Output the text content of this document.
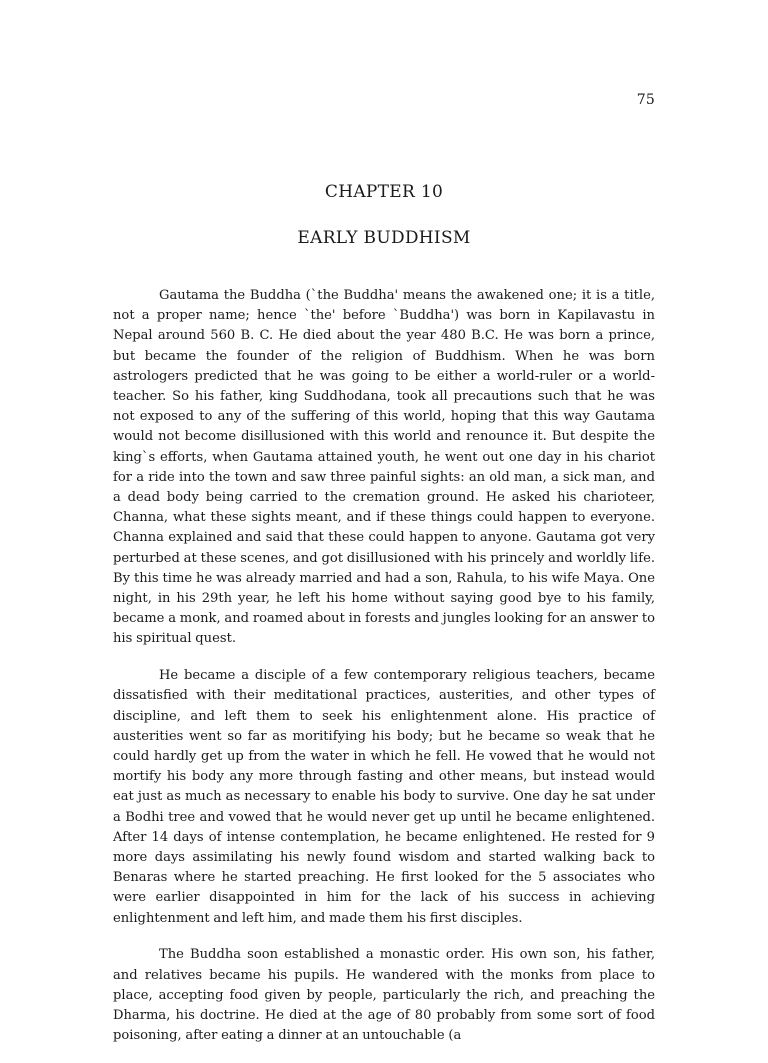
75
CHAPTER 10
EARLY BUDDHISM

Gautama the Buddha (`the Buddha' means the awakened one; it is a title, not a proper name; hence `the' before `Buddha') was born in Kapilavastu in Nepal around 560 B. C. He died about the year 480 B.C. He was born a prince, but became the founder of the religion of Buddhism. When he was born astrologers predicted that he was going to be either a world-ruler or a world-teacher. So his father, king Suddhodana, took all precautions such that he was not exposed to any of the suffering of this world, hoping that this way Gautama would not become disillusioned with this world and renounce it. But despite the king`s efforts, when Gautama attained youth, he went out one day in his chariot for a ride into the town and saw three painful sights: an old man, a sick man, and a dead body being carried to the cremation ground. He asked his charioteer, Channa, what these sights meant, and if these things could happen to everyone. Channa explained and said that these could happen to anyone. Gautama got very perturbed at these scenes, and got disillusioned with his princely and worldly life. By this time he was already married and had a son, Rahula, to his wife Maya. One night, in his 29th year, he left his home without saying good bye to his family, became a monk, and roamed about in forests and jungles looking for an answer to his spiritual quest.

He became a disciple of a few contemporary religious teachers, became dissatisfied with their meditational practices, austerities, and other types of discipline, and left them to seek his enlightenment alone. His practice of austerities went so far as moritifying his body; but he became so weak that he could hardly get up from the water in which he fell. He vowed that he would not mortify his body any more through fasting and other means, but instead would eat just as much as necessary to enable his body to survive. One day he sat under a Bodhi tree and vowed that he would never get up until he became enlightened. After 14 days of intense contemplation, he became enlightened. He rested for 9 more days assimilating his newly found wisdom and started walking back to Benaras where he started preaching. He first looked for the 5 associates who were earlier disappointed in him for the lack of his success in achieving enlightenment and left him, and made them his first disciples.

The Buddha soon established a monastic order. His own son, his father, and relatives became his pupils. He wandered with the monks from place to place, accepting food given by people, particularly the rich, and preaching the Dharma, his doctrine. He died at the age of 80 probably from some sort of food poisoning, after eating a dinner at an untouchable (a
